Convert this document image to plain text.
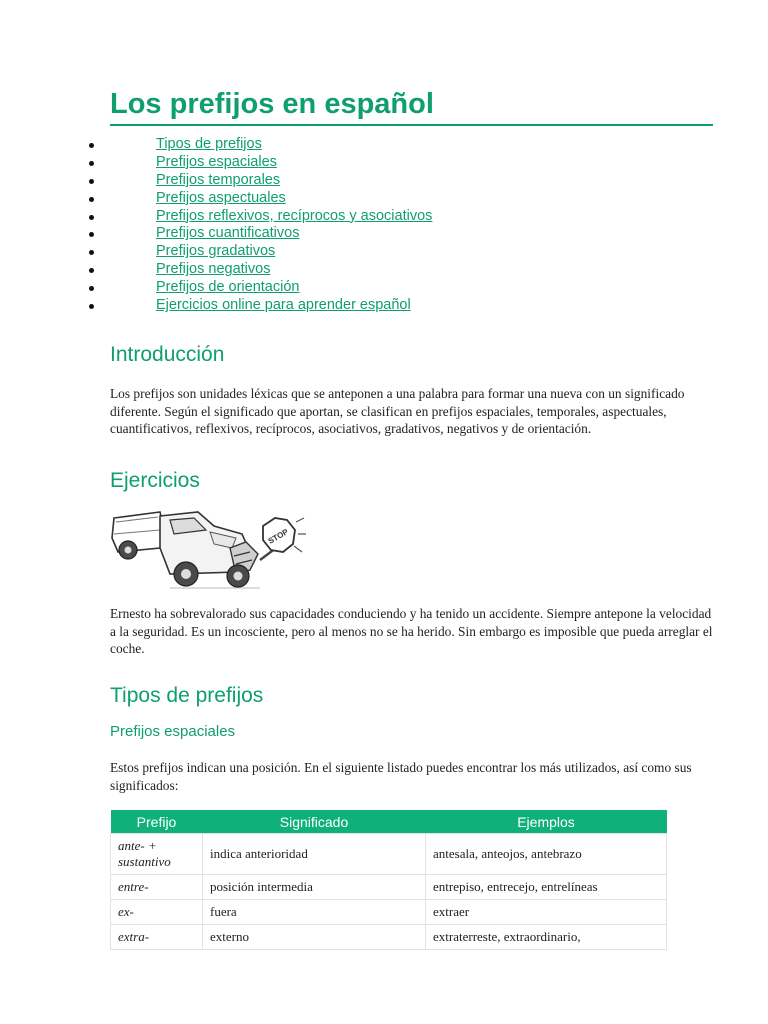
Los prefijos en español
Tipos de prefijos
Prefijos espaciales
Prefijos temporales
Prefijos aspectuales
Prefijos reflexivos, recíprocos y asociativos
Prefijos cuantificativos
Prefijos gradativos
Prefijos negativos
Prefijos de orientación
Ejercicios online para aprender español
Introducción

Los prefijos son unidades léxicas que se anteponen a una palabra para formar una nueva con un significado diferente. Según el significado que aportan, se clasifican en prefijos espaciales, temporales, aspectuales, cuantificativos, reflexivos, recíprocos, asociativos, gradativos, negativos y de orientación.

Ejercicios
STOP

Ernesto ha sobrevalorado sus capacidades conduciendo y ha tenido un accidente. Siempre antepone la velocidad a la seguridad. Es un incosciente, pero al menos no se ha herido. Sin embargo es imposible que pueda arreglar el coche.

Tipos de prefijos
Prefijos espaciales

Estos prefijos indican una posición. En el siguiente listado puedes encontrar los más utilizados, así como sus significados:

Prefijo	Significado	Ejemplos
ante- + sustantivo	indica anterioridad	antesala, anteojos, antebrazo
entre-	posición intermedia	entrepiso, entrecejo, entrelíneas
ex-	fuera	extraer
extra-	externo	extraterreste, extraordinario,
